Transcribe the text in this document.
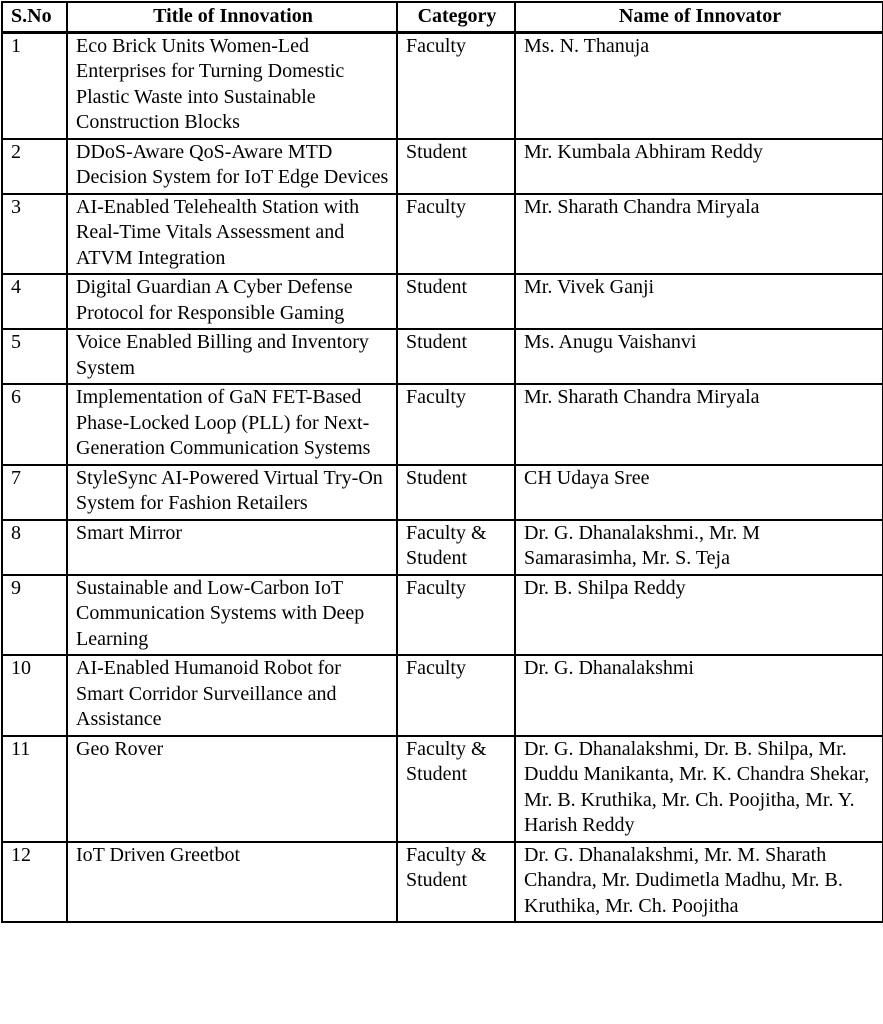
S.No	Title of Innovation	Category	Name of Innovator
1	Eco Brick Units Women-Led Enterprises for Turning Domestic Plastic Waste into Sustainable Construction Blocks	Faculty	Ms. N. Thanuja
2	DDoS-Aware QoS-Aware MTD Decision System for IoT Edge Devices	Student	Mr. Kumbala Abhiram Reddy
3	AI-Enabled Telehealth Station with Real-Time Vitals Assessment and ATVM Integration	Faculty	Mr. Sharath Chandra Miryala
4	Digital Guardian A Cyber Defense Protocol for Responsible Gaming	Student	Mr. Vivek Ganji
5	Voice Enabled Billing and Inventory System	Student	Ms. Anugu Vaishanvi
6	Implementation of GaN FET-Based Phase-Locked Loop (PLL) for Next-Generation Communication Systems	Faculty	Mr. Sharath Chandra Miryala
7	StyleSync AI-Powered Virtual Try-On System for Fashion Retailers	Student	CH Udaya Sree
8	Smart Mirror	Faculty & Student	Dr. G. Dhanalakshmi., Mr. M Samarasimha, Mr. S. Teja
9	Sustainable and Low-Carbon IoT Communication Systems with Deep Learning	Faculty	Dr. B. Shilpa Reddy
10	AI-Enabled Humanoid Robot for Smart Corridor Surveillance and Assistance	Faculty	Dr. G. Dhanalakshmi
11	Geo Rover	Faculty & Student	Dr. G. Dhanalakshmi, Dr. B. Shilpa, Mr. Duddu Manikanta, Mr. K. Chandra Shekar, Mr. B. Kruthika, Mr. Ch. Poojitha, Mr. Y. Harish Reddy
12	IoT Driven Greetbot	Faculty & Student	Dr. G. Dhanalakshmi, Mr. M. Sharath Chandra, Mr. Dudimetla Madhu, Mr. B. Kruthika, Mr. Ch. Poojitha
